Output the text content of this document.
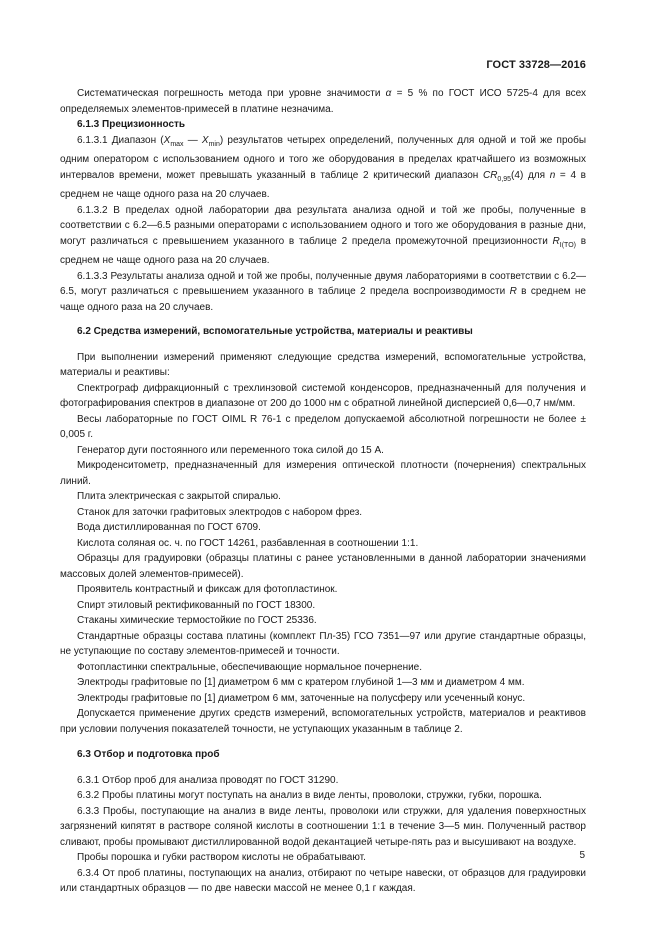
ГОСТ 33728—2016

Систематическая погрешность метода при уровне значимости α = 5 % по ГОСТ ИСО 5725-4 для всех определяемых элементов-примесей в платине незначима.

6.1.3 Прецизионность

6.1.3.1 Диапазон ($X_{max}$ — $X_{min}$) результатов четырех определений, полученных для одной и той же пробы одним оператором с использованием одного и того же оборудования в пределах кратчайшего из возможных интервалов времени, может превышать указанный в таблице 2 критический диапазон $CR_{0,95}(4)$ для n = 4 в среднем не чаще одного раза на 20 случаев.

6.1.3.2 В пределах одной лаборатории два результата анализа одной и той же пробы, полученные в соответствии с 6.2—6.5 разными операторами с использованием одного и того же оборудования в разные дни, могут различаться с превышением указанного в таблице 2 предела промежуточной прецизионности $R_{I(TO)}$ в среднем не чаще одного раза на 20 случаев.

6.1.3.3 Результаты анализа одной и той же пробы, полученные двумя лабораториями в соответствии с 6.2—6.5, могут различаться с превышением указанного в таблице 2 предела воспроизводимости R в среднем не чаще одного раза на 20 случаев.

6.2 Средства измерений, вспомогательные устройства, материалы и реактивы

При выполнении измерений применяют следующие средства измерений, вспомогательные устройства, материалы и реактивы:

Спектрограф дифракционный с трехлинзовой системой конденсоров, предназначенный для получения и фотографирования спектров в диапазоне от 200 до 1000 нм с обратной линейной дисперсией 0,6—0,7 нм/мм.

Весы лабораторные по ГОСТ OIML R 76-1 с пределом допускаемой абсолютной погрешности не более ± 0,005 г.

Генератор дуги постоянного или переменного тока силой до 15 А.

Микроденситометр, предназначенный для измерения оптической плотности (почернения) спектральных линий.

Плита электрическая с закрытой спиралью.

Станок для заточки графитовых электродов с набором фрез.

Вода дистиллированная по ГОСТ 6709.

Кислота соляная ос. ч. по ГОСТ 14261, разбавленная в соотношении 1:1.

Образцы для градуировки (образцы платины с ранее установленными в данной лаборатории значениями массовых долей элементов-примесей).

Проявитель контрастный и фиксаж для фотопластинок.

Спирт этиловый ректификованный по ГОСТ 18300.

Стаканы химические термостойкие по ГОСТ 25336.

Стандартные образцы состава платины (комплект Пл-35) ГСО 7351—97 или другие стандартные образцы, не уступающие по составу элементов-примесей и точности.

Фотопластинки спектральные, обеспечивающие нормальное почернение.

Электроды графитовые по [1] диаметром 6 мм с кратером глубиной 1—3 мм и диаметром 4 мм.

Электроды графитовые по [1] диаметром 6 мм, заточенные на полусферу или усеченный конус.

Допускается применение других средств измерений, вспомогательных устройств, материалов и реактивов при условии получения показателей точности, не уступающих указанным в таблице 2.

6.3 Отбор и подготовка проб

6.3.1 Отбор проб для анализа проводят по ГОСТ 31290.

6.3.2 Пробы платины могут поступать на анализ в виде ленты, проволоки, стружки, губки, порошка.

6.3.3 Пробы, поступающие на анализ в виде ленты, проволоки или стружки, для удаления поверхностных загрязнений кипятят в растворе соляной кислоты в соотношении 1:1 в течение 3—5 мин. Полученный раствор сливают, пробы промывают дистиллированной водой декантацией четыре-пять раз и высушивают на воздухе.

Пробы порошка и губки раствором кислоты не обрабатывают.

6.3.4 От проб платины, поступающих на анализ, отбирают по четыре навески, от образцов для градуировки или стандартных образцов — по две навески массой не менее 0,1 г каждая.

5
